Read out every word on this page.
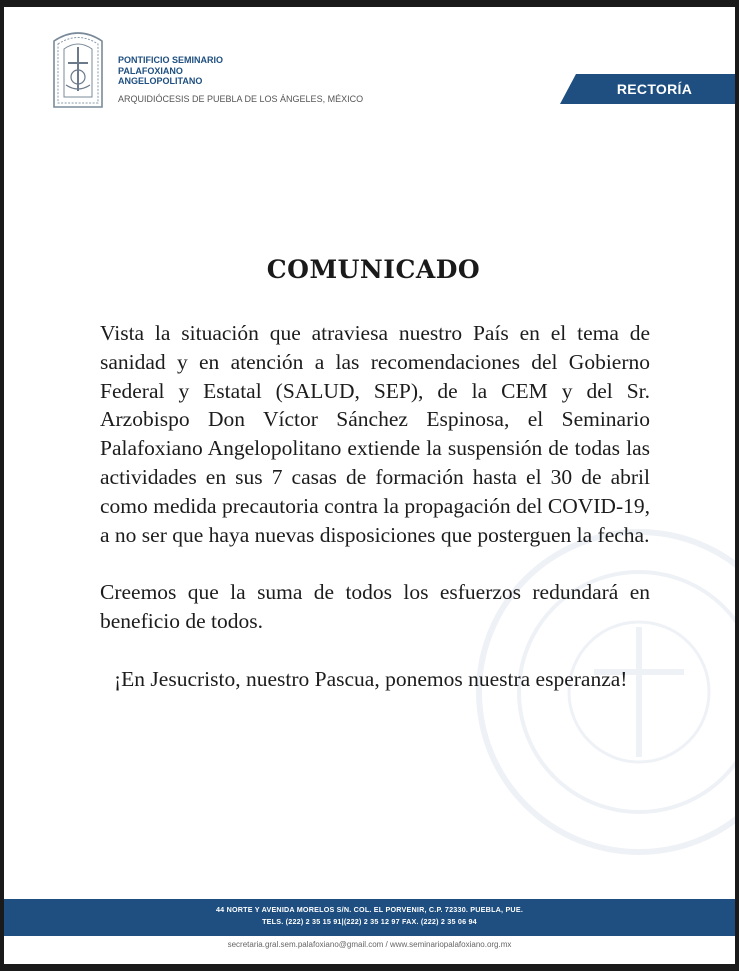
PONTIFICIO SEMINARIO
PALAFOXIANO
ANGELOPOLITANO
ARQUIDIÓCESIS DE PUEBLA DE LOS ÁNGELES, MÉXICO
RECTORÍA
COMUNICADO

Vista la situación que atraviesa nuestro País en el tema de sanidad y en atención a las recomendaciones del Gobierno Federal y Estatal (SALUD, SEP), de la CEM y del Sr. Arzobispo Don Víctor Sánchez Espinosa, el Seminario Palafoxiano Angelopolitano extiende la suspensión de todas las actividades en sus 7 casas de formación hasta el 30 de abril como medida precautoria contra la propagación del COVID-19, a no ser que haya nuevas disposiciones que posterguen la fecha.

Creemos que la suma de todos los esfuerzos redundará en beneficio de todos.

¡En Jesucristo, nuestro Pascua, ponemos nuestra esperanza!

44 NORTE Y AVENIDA MORELOS S/N. COL. EL PORVENIR, C.P. 72330. PUEBLA, PUE.
TELS. (222) 2 35 15 91|(222) 2 35 12 97 FAX. (222) 2 35 06 94
secretaria.gral.sem.palafoxiano@gmail.com / www.seminariopalafoxiano.org.mx
